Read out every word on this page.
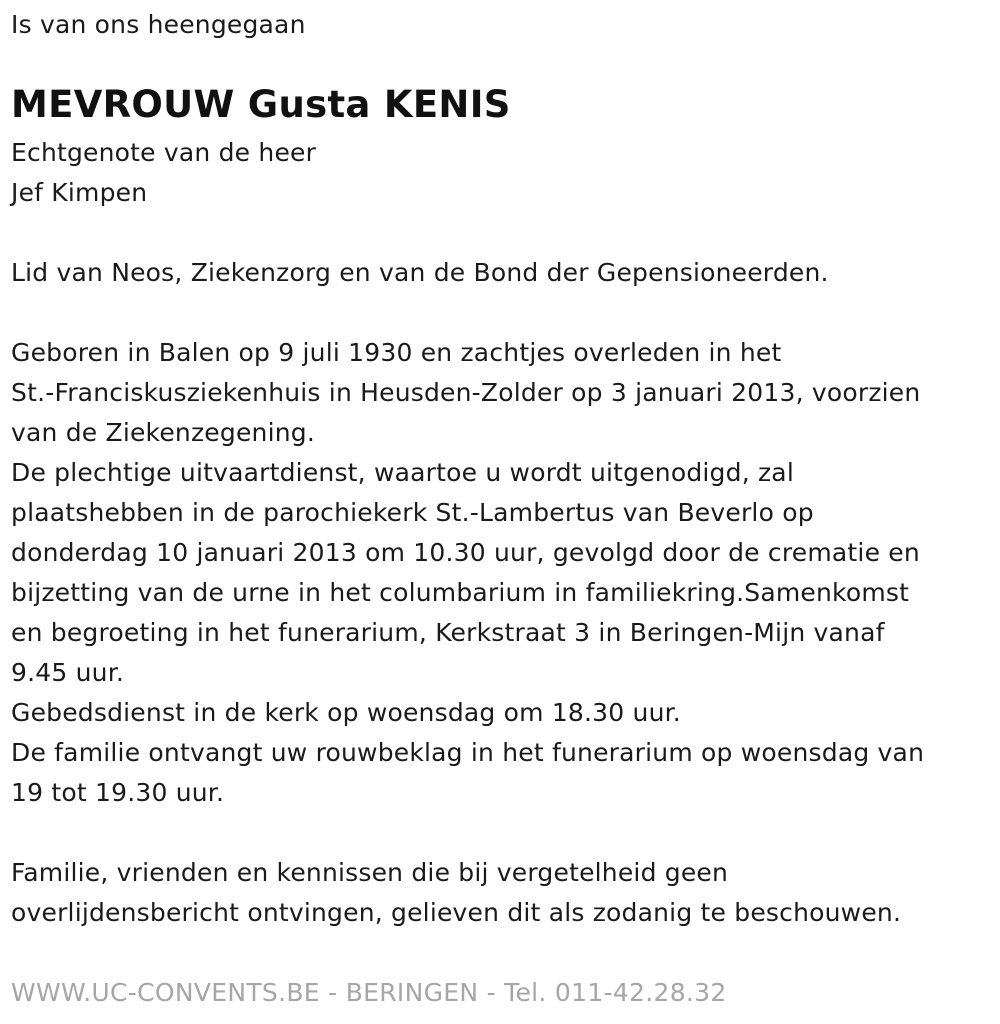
Is van ons heengegaan
MEVROUW Gusta KENIS
Echtgenote van de heer
Jef Kimpen
Lid van Neos, Ziekenzorg en van de Bond der Gepensioneerden.
Geboren in Balen op 9 juli 1930 en zachtjes overleden in het
St.-Franciskusziekenhuis in Heusden-Zolder op 3 januari 2013, voorzien
van de Ziekenzegening.
De plechtige uitvaartdienst, waartoe u wordt uitgenodigd, zal
plaatshebben in de parochiekerk St.-Lambertus van Beverlo op
donderdag 10 januari 2013 om 10.30 uur, gevolgd door de crematie en
bijzetting van de urne in het columbarium in familiekring.Samenkomst
en begroeting in het funerarium, Kerkstraat 3 in Beringen-Mijn vanaf
9.45 uur.
Gebedsdienst in de kerk op woensdag om 18.30 uur.
De familie ontvangt uw rouwbeklag in het funerarium op woensdag van
19 tot 19.30 uur.
Familie, vrienden en kennissen die bij vergetelheid geen
overlijdensbericht ontvingen, gelieven dit als zodanig te beschouwen.
WWW.UC-CONVENTS.BE - BERINGEN - Tel. 011-42.28.32
